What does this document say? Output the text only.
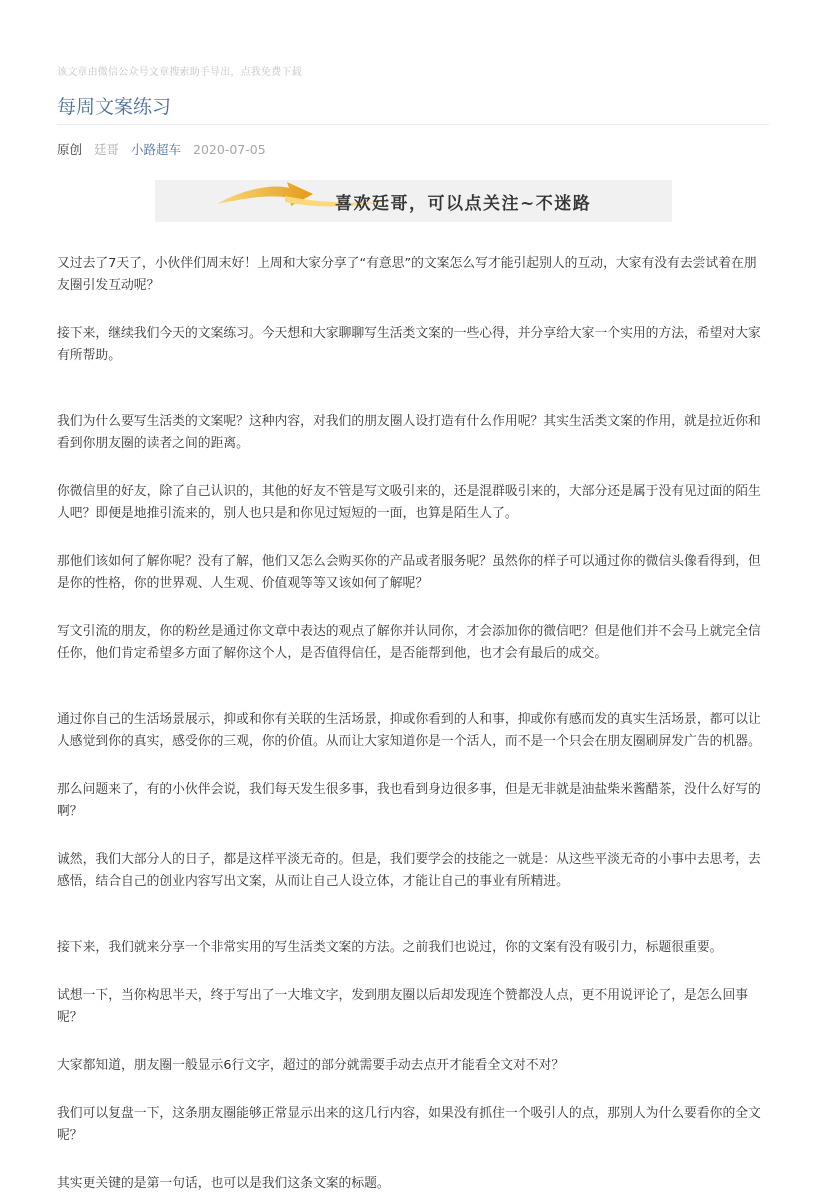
该文章由微信公众号文章搜索助手导出，点我免费下载
每周文案练习
原创 廷哥 小路超车 2020-07-05
喜欢廷哥，可以点关注~不迷路

又过去了7天了，小伙伴们周末好！上周和大家分享了“有意思”的文案怎么写才能引起别人的互动，大家有没有去尝试着在朋友圈引发互动呢？

接下来，继续我们今天的文案练习。今天想和大家聊聊写生活类文案的一些心得，并分享给大家一个实用的方法，希望对大家有所帮助。

我们为什么要写生活类的文案呢？这种内容，对我们的朋友圈人设打造有什么作用呢？其实生活类文案的作用，就是拉近你和看到你朋友圈的读者之间的距离。

你微信里的好友，除了自己认识的，其他的好友不管是写文吸引来的，还是混群吸引来的，大部分还是属于没有见过面的陌生人吧？即便是地推引流来的，别人也只是和你见过短短的一面，也算是陌生人了。

那他们该如何了解你呢？没有了解，他们又怎么会购买你的产品或者服务呢？虽然你的样子可以通过你的微信头像看得到，但是你的性格，你的世界观、人生观、价值观等等又该如何了解呢？

写文引流的朋友，你的粉丝是通过你文章中表达的观点了解你并认同你，才会添加你的微信吧？但是他们并不会马上就完全信任你，他们肯定希望多方面了解你这个人，是否值得信任，是否能帮到他，也才会有最后的成交。

通过你自己的生活场景展示，抑或和你有关联的生活场景，抑或你看到的人和事，抑或你有感而发的真实生活场景，都可以让人感觉到你的真实，感受你的三观，你的价值。从而让大家知道你是一个活人，而不是一个只会在朋友圈刷屏发广告的机器。

那么问题来了，有的小伙伴会说，我们每天发生很多事，我也看到身边很多事，但是无非就是油盐柴米酱醋茶，没什么好写的啊？

诚然，我们大部分人的日子，都是这样平淡无奇的。但是，我们要学会的技能之一就是：从这些平淡无奇的小事中去思考，去感悟，结合自己的创业内容写出文案，从而让自己人设立体，才能让自己的事业有所精进。

接下来，我们就来分享一个非常实用的写生活类文案的方法。之前我们也说过，你的文案有没有吸引力，标题很重要。

试想一下，当你构思半天，终于写出了一大堆文字，发到朋友圈以后却发现连个赞都没人点，更不用说评论了，是怎么回事呢？

大家都知道，朋友圈一般显示6行文字，超过的部分就需要手动去点开才能看全文对不对？

我们可以复盘一下，这条朋友圈能够正常显示出来的这几行内容，如果没有抓住一个吸引人的点，那别人为什么要看你的全文呢？

其实更关键的是第一句话，也可以是我们这条文案的标题。
